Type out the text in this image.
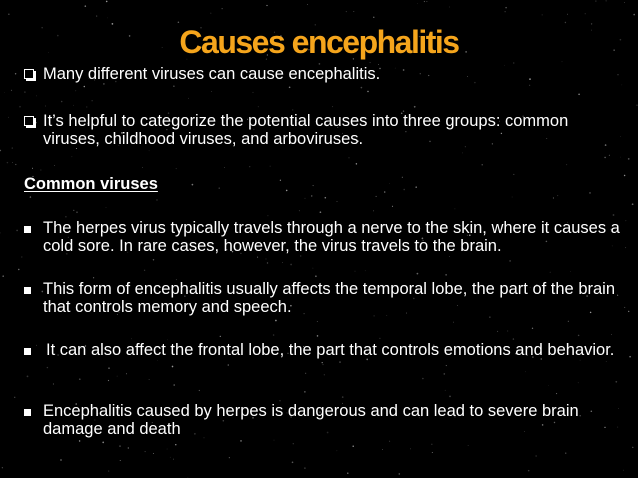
Causes encephalitis
Many different viruses can cause encephalitis.
It’s helpful to categorize the potential causes into three groups: common viruses, childhood viruses, and arboviruses.
Common viruses
The herpes virus typically travels through a nerve to the skin, where it causes a cold sore. In rare cases, however, the virus travels to the brain.
This form of encephalitis usually affects the temporal lobe, the part of the brain that controls memory and speech.
It can also affect the frontal lobe, the part that controls emotions and behavior.
Encephalitis caused by herpes is dangerous and can lead to severe brain damage and death
